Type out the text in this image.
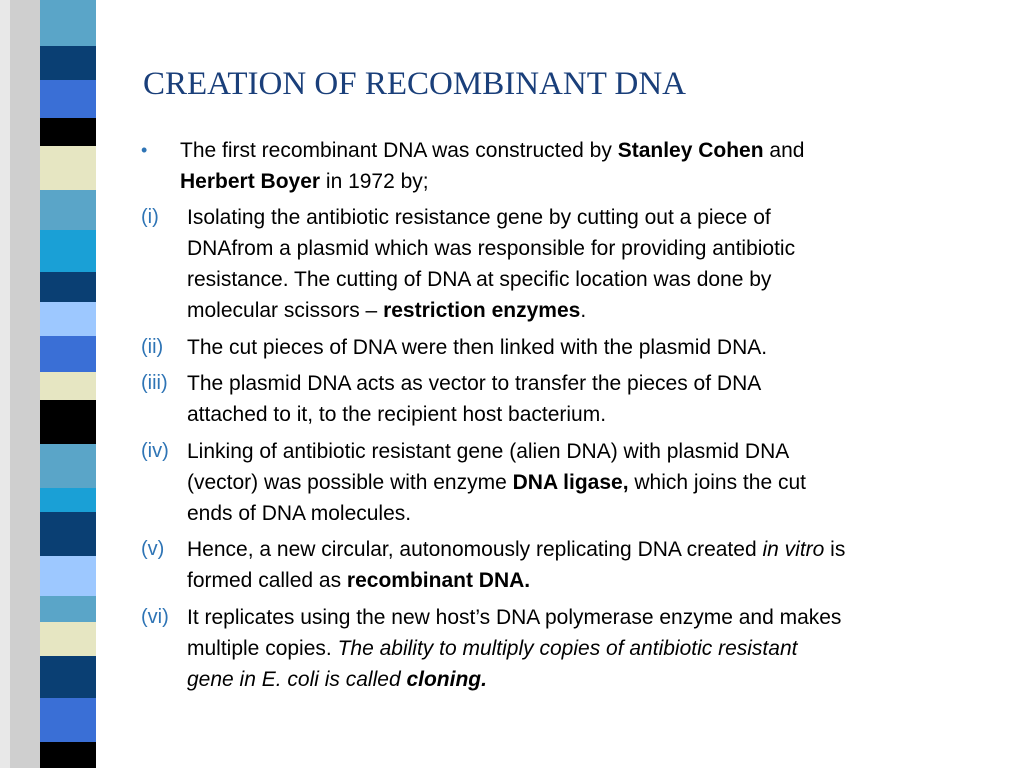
CREATION OF RECOMBINANT DNA
• The first recombinant DNA was constructed by Stanley Cohen and
Herbert Boyer in 1972 by;
(i) Isolating the antibiotic resistance gene by cutting out a piece of
DNAfrom a plasmid which was responsible for providing antibiotic
resistance. The cutting of DNA at specific location was done by
molecular scissors – restriction enzymes.
(ii) The cut pieces of DNA were then linked with the plasmid DNA.
(iii) The plasmid DNA acts as vector to transfer the pieces of DNA
attached to it, to the recipient host bacterium.
(iv) Linking of antibiotic resistant gene (alien DNA) with plasmid DNA
(vector) was possible with enzyme DNA ligase, which joins the cut
ends of DNA molecules.
(v) Hence, a new circular, autonomously replicating DNA created in vitro is
formed called as recombinant DNA.
(vi) It replicates using the new host’s DNA polymerase enzyme and makes
multiple copies. The ability to multiply copies of antibiotic resistant
gene in E. coli is called cloning.
